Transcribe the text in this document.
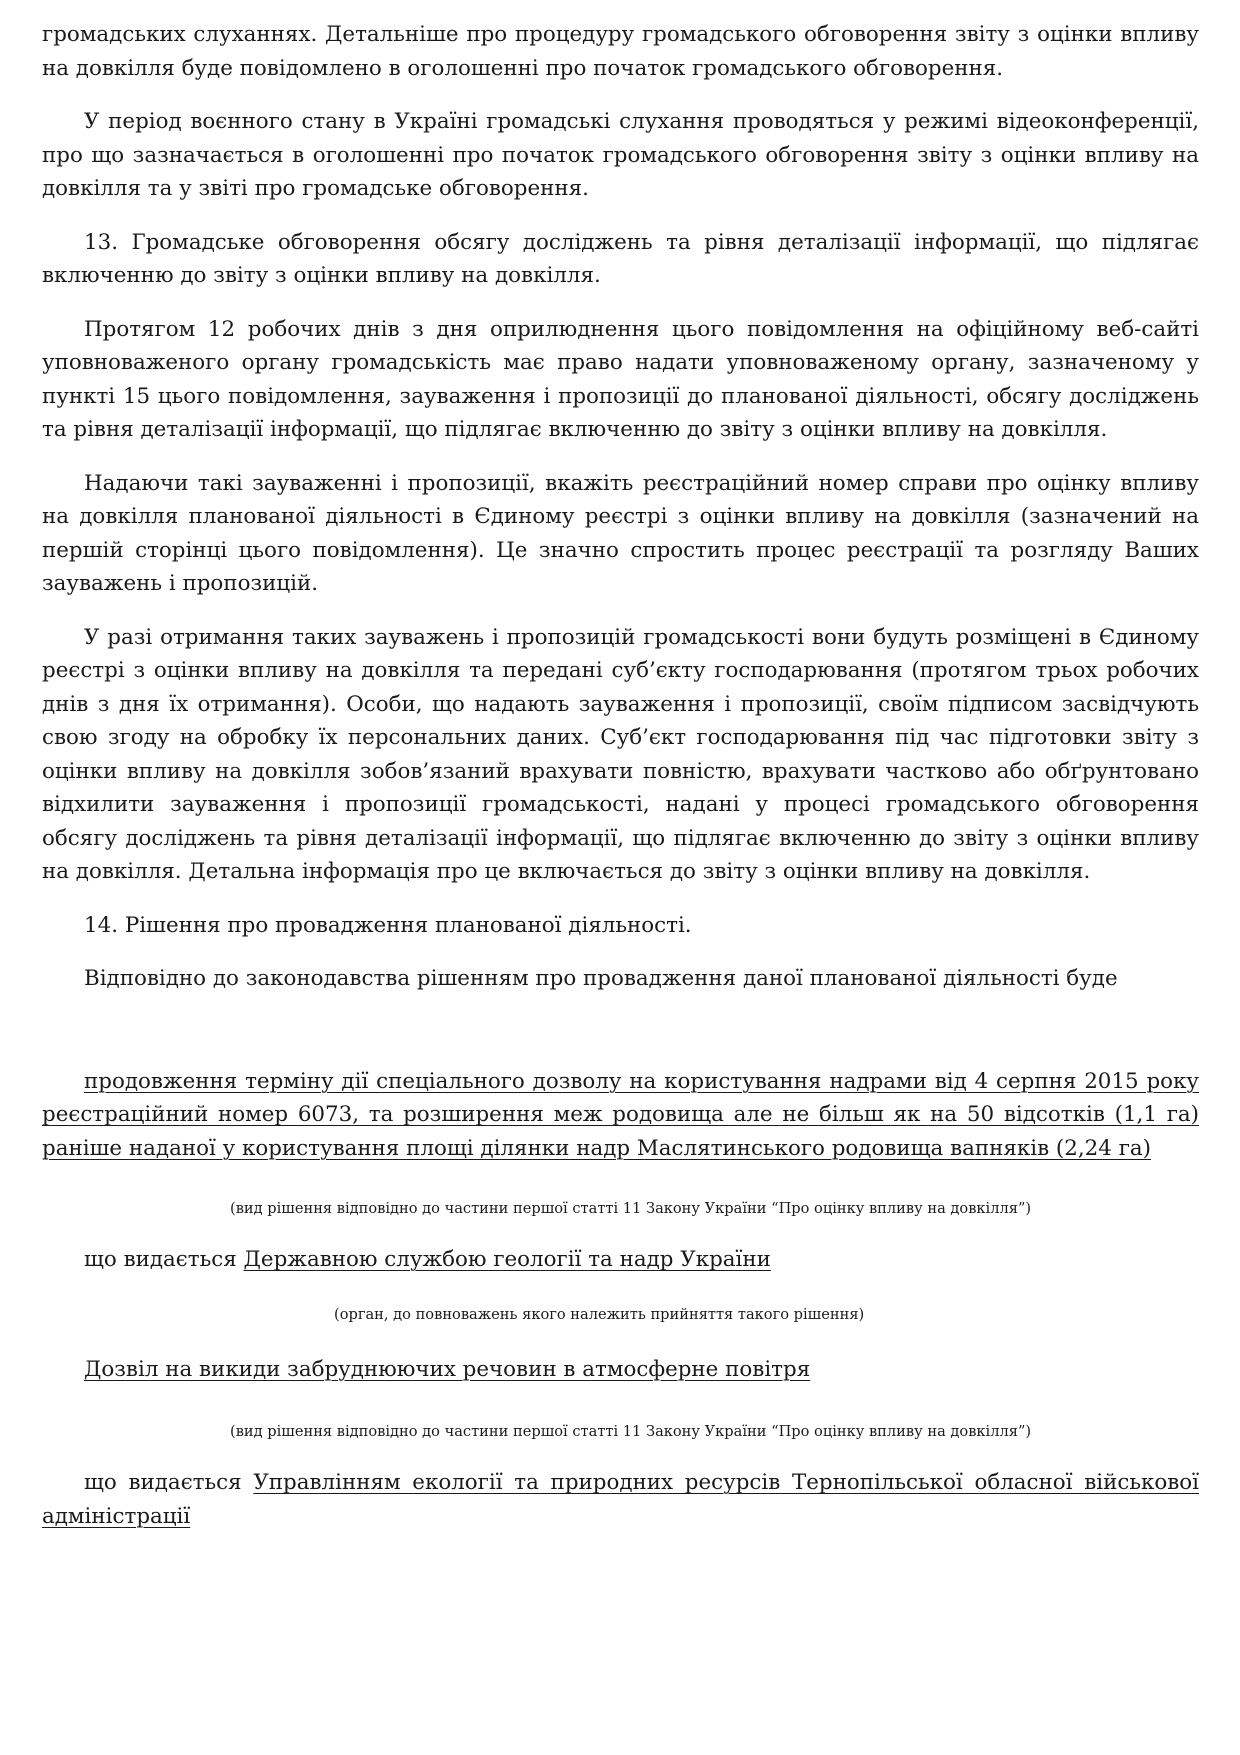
громадських слуханнях. Детальніше про процедуру громадського обговорення звіту з оцінки впливу на довкілля буде повідомлено в оголошенні про початок громадського обговорення.

У період воєнного стану в Україні громадські слухання проводяться у режимі відеоконференції, про що зазначається в оголошенні про початок громадського обговорення звіту з оцінки впливу на довкілля та у звіті про громадське обговорення.

13. Громадське обговорення обсягу досліджень та рівня деталізації інформації, що підлягає включенню до звіту з оцінки впливу на довкілля.

Протягом 12 робочих днів з дня оприлюднення цього повідомлення на офіційному веб-сайті уповноваженого органу громадськість має право надати уповноваженому органу, зазначеному у пункті 15 цього повідомлення, зауваження і пропозиції до планованої діяльності, обсягу досліджень та рівня деталізації інформації, що підлягає включенню до звіту з оцінки впливу на довкілля.

Надаючи такі зауваженні і пропозиції, вкажіть реєстраційний номер справи про оцінку впливу на довкілля планованої діяльності в Єдиному реєстрі з оцінки впливу на довкілля (зазначений на першій сторінці цього повідомлення). Це значно спростить процес реєстрації та розгляду Ваших зауважень і пропозицій.

У разі отримання таких зауважень і пропозицій громадськості вони будуть розміщені в Єдиному реєстрі з оцінки впливу на довкілля та передані суб’єкту господарювання (протягом трьох робочих днів з дня їх отримання). Особи, що надають зауваження і пропозиції, своїм підписом засвідчують свою згоду на обробку їх персональних даних. Суб’єкт господарювання під час підготовки звіту з оцінки впливу на довкілля зобов’язаний врахувати повністю, врахувати частково або обґрунтовано відхилити зауваження і пропозиції громадськості, надані у процесі громадського обговорення обсягу досліджень та рівня деталізації інформації, що підлягає включенню до звіту з оцінки впливу на довкілля. Детальна інформація про це включається до звіту з оцінки впливу на довкілля.

14. Рішення про провадження планованої діяльності.

Відповідно до законодавства рішенням про провадження даної планованої діяльності буде

продовження терміну дії спеціального дозволу на користування надрами від 4 серпня 2015 року реєстраційний номер 6073, та розширення меж родовища але не більш як на 50 відсотків (1,1 га) раніше наданої у користування площі ділянки надр Маслятинського родовища вапняків (2,24 га)

(вид рішення відповідно до частини першої статті 11 Закону України “Про оцінку впливу на довкілля”)

що видається Державною службою геології та надр України

(орган, до повноважень якого належить прийняття такого рішення)

Дозвіл на викиди забруднюючих речовин в атмосферне повітря

(вид рішення відповідно до частини першої статті 11 Закону України “Про оцінку впливу на довкілля”)

що видається Управлінням екології та природних ресурсів Тернопільської обласної військової адміністрації
